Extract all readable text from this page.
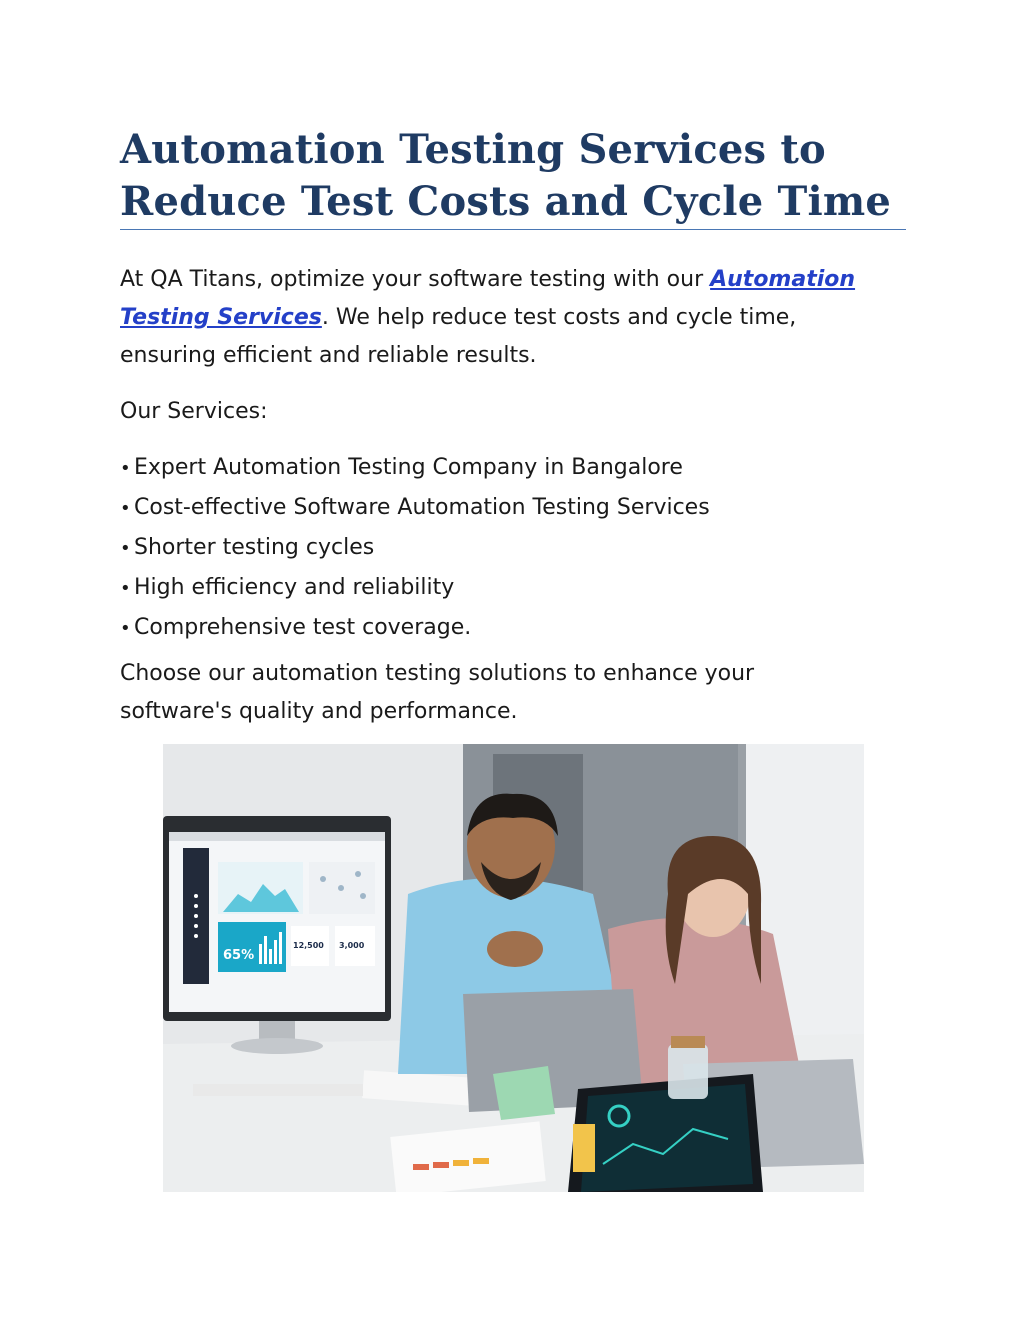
Automation Testing Services to
Reduce Test Costs and Cycle Time

At QA Titans, optimize your software testing with our Automation Testing Services. We help reduce test costs and cycle time, ensuring efficient and reliable results.

Our Services:

• Expert Automation Testing Company in Bangalore
• Cost-effective Software Automation Testing Services
• Shorter testing cycles
• High efficiency and reliability
• Comprehensive test coverage.

Choose our automation testing solutions to enhance your software's quality and performance.

65%
12,500 3,000
